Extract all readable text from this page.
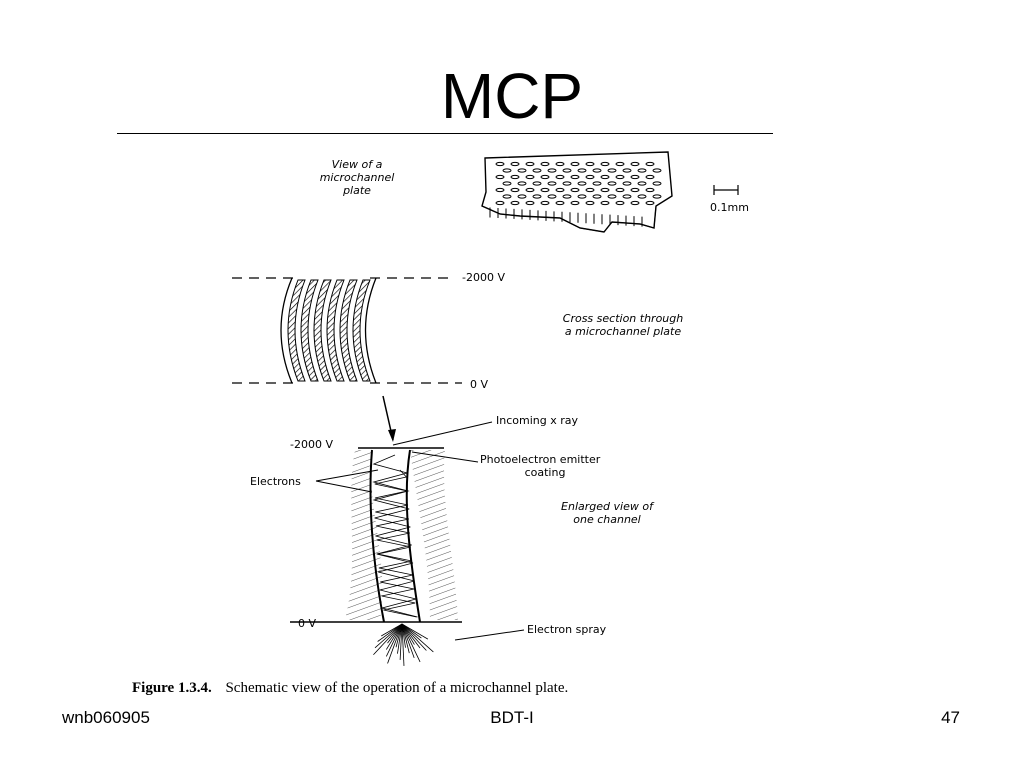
MCP
View of a
microchannel
plate
0.1mm
-2000 V
0 V
Cross section through
a microchannel plate
-2000 V
Incoming x ray
Photoelectron emitter
coating
Electrons
Enlarged view of
one channel
0 V	Electron spray
Figure 1.3.4. Schematic view of the operation of a microchannel plate.
wnb060905	BDT-I	47
